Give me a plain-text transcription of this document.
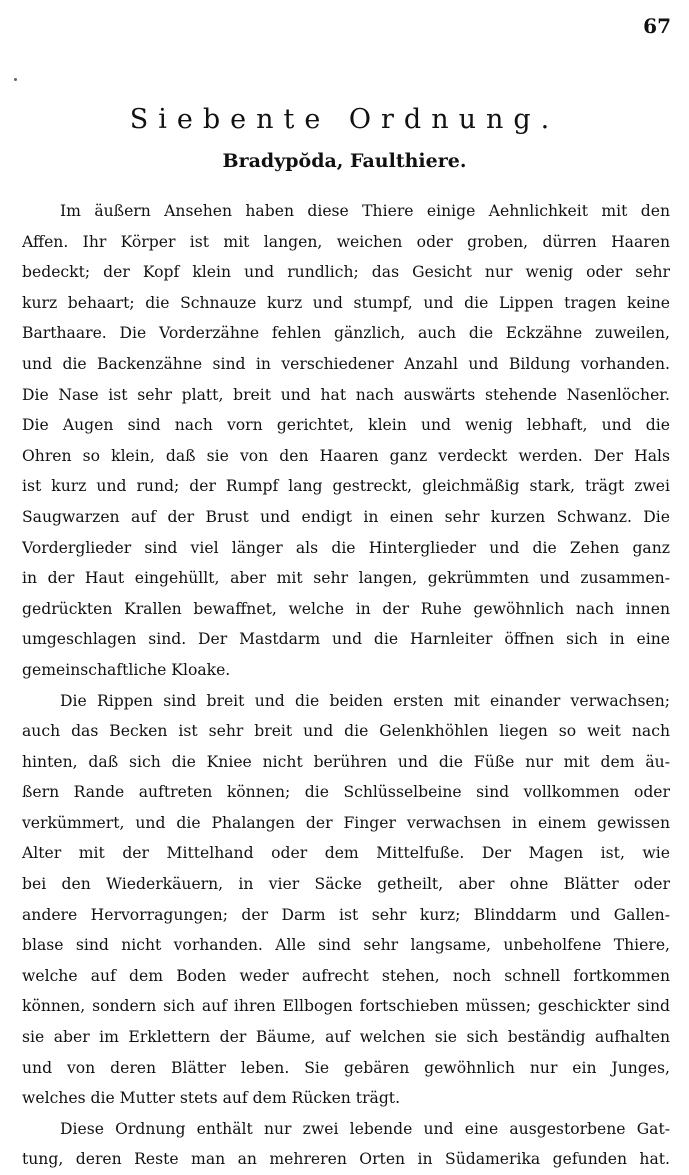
67
Siebente Ordnung.
Bradypŏda, Faulthiere.
Im äußern Ansehen haben diese Thiere einige Aehnlichkeit mit den
Affen. Ihr Körper ist mit langen, weichen oder groben, dürren Haaren
bedeckt; der Kopf klein und rundlich; das Gesicht nur wenig oder sehr
kurz behaart; die Schnauze kurz und stumpf, und die Lippen tragen keine
Barthaare. Die Vorderzähne fehlen gänzlich, auch die Eckzähne zuweilen,
und die Backenzähne sind in verschiedener Anzahl und Bildung vorhanden.
Die Nase ist sehr platt, breit und hat nach auswärts stehende Nasenlöcher.
Die Augen sind nach vorn gerichtet, klein und wenig lebhaft, und die
Ohren so klein, daß sie von den Haaren ganz verdeckt werden. Der Hals
ist kurz und rund; der Rumpf lang gestreckt, gleichmäßig stark, trägt zwei
Saugwarzen auf der Brust und endigt in einen sehr kurzen Schwanz. Die
Vorderglieder sind viel länger als die Hinterglieder und die Zehen ganz
in der Haut eingehüllt, aber mit sehr langen, gekrümmten und zusammen-
gedrückten Krallen bewaffnet, welche in der Ruhe gewöhnlich nach innen
umgeschlagen sind. Der Mastdarm und die Harnleiter öffnen sich in eine
gemeinschaftliche Kloake.
Die Rippen sind breit und die beiden ersten mit einander verwachsen;
auch das Becken ist sehr breit und die Gelenkhöhlen liegen so weit nach
hinten, daß sich die Kniee nicht berühren und die Füße nur mit dem äu-
ßern Rande auftreten können; die Schlüsselbeine sind vollkommen oder
verkümmert, und die Phalangen der Finger verwachsen in einem gewissen
Alter mit der Mittelhand oder dem Mittelfuße. Der Magen ist, wie
bei den Wiederkäuern, in vier Säcke getheilt, aber ohne Blätter oder
andere Hervorragungen; der Darm ist sehr kurz; Blinddarm und Gallen-
blase sind nicht vorhanden. Alle sind sehr langsame, unbeholfene Thiere,
welche auf dem Boden weder aufrecht stehen, noch schnell fortkommen
können, sondern sich auf ihren Ellbogen fortschieben müssen; geschickter sind
sie aber im Erklettern der Bäume, auf welchen sie sich beständig aufhalten
und von deren Blätter leben. Sie gebären gewöhnlich nur ein Junges,
welches die Mutter stets auf dem Rücken trägt.
Diese Ordnung enthält nur zwei lebende und eine ausgestorbene Gat-
tung, deren Reste man an mehreren Orten in Südamerika gefunden hat.
